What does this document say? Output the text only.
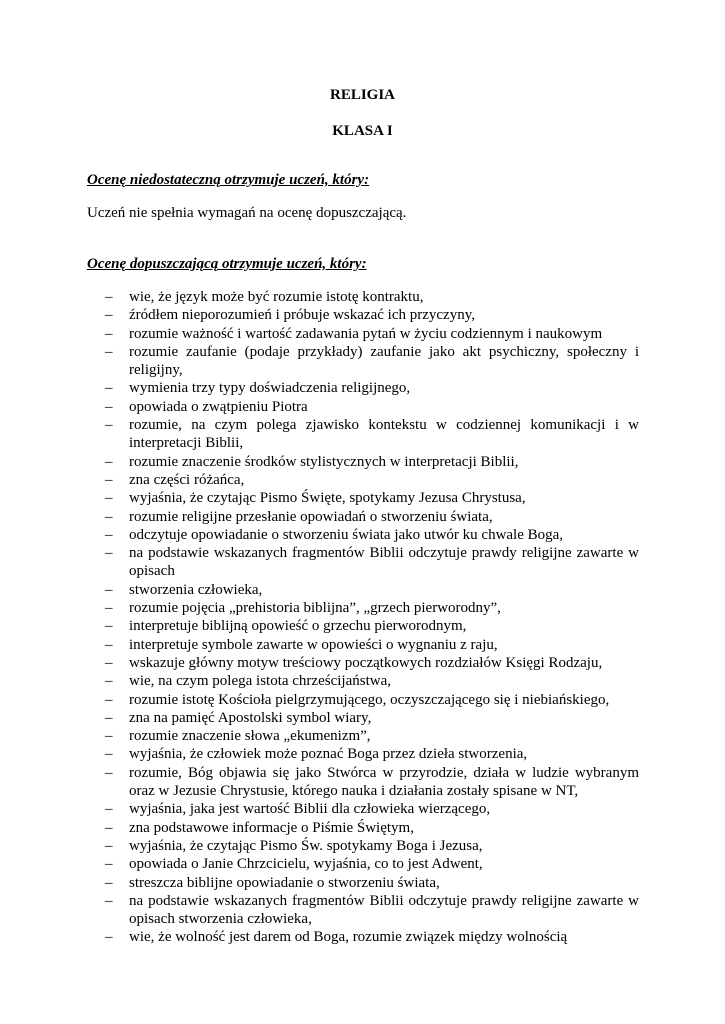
RELIGIA
KLASA I
Ocenę niedostateczną otrzymuje uczeń, który:
Uczeń nie spełnia wymagań na ocenę dopuszczającą.
Ocenę dopuszczającą otrzymuje uczeń, który:
– wie, że język może być rozumie istotę kontraktu,
– źródłem nieporozumień i próbuje wskazać ich przyczyny,
– rozumie ważność i wartość zadawania pytań w życiu codziennym i naukowym
– rozumie zaufanie (podaje przykłady) zaufanie jako akt psychiczny, społeczny i religijny,
– wymienia trzy typy doświadczenia religijnego,
– opowiada o zwątpieniu Piotra
– rozumie, na czym polega zjawisko kontekstu w codziennej komunikacji i w interpretacji Biblii,
– rozumie znaczenie środków stylistycznych w interpretacji Biblii,
– zna części różańca,
– wyjaśnia, że czytając Pismo Święte, spotykamy Jezusa Chrystusa,
– rozumie religijne przesłanie opowiadań o stworzeniu świata,
– odczytuje opowiadanie o stworzeniu świata jako utwór ku chwale Boga,
– na podstawie wskazanych fragmentów Biblii odczytuje prawdy religijne zawarte w opisach
– stworzenia człowieka,
– rozumie pojęcia „prehistoria biblijna”, „grzech pierworodny”,
– interpretuje biblijną opowieść o grzechu pierworodnym,
– interpretuje symbole zawarte w opowieści o wygnaniu z raju,
– wskazuje główny motyw treściowy początkowych rozdziałów Księgi Rodzaju,
– wie, na czym polega istota chrześcijaństwa,
– rozumie istotę Kościoła pielgrzymującego, oczyszczającego się i niebiańskiego,
– zna na pamięć Apostolski symbol wiary,
– rozumie znaczenie słowa „ekumenizm”,
– wyjaśnia, że człowiek może poznać Boga przez dzieła stworzenia,
– rozumie, Bóg objawia się jako Stwórca w przyrodzie, działa w ludzie wybranym oraz w Jezusie Chrystusie, którego nauka i działania zostały spisane w NT,
– wyjaśnia, jaka jest wartość Biblii dla człowieka wierzącego,
– zna podstawowe informacje o Piśmie Świętym,
– wyjaśnia, że czytając Pismo Św. spotykamy Boga i Jezusa,
– opowiada o Janie Chrzcicielu, wyjaśnia, co to jest Adwent,
– streszcza biblijne opowiadanie o stworzeniu świata,
– na podstawie wskazanych fragmentów Biblii odczytuje prawdy religijne zawarte w opisach stworzenia człowieka,
– wie, że wolność jest darem od Boga, rozumie związek między wolnością
